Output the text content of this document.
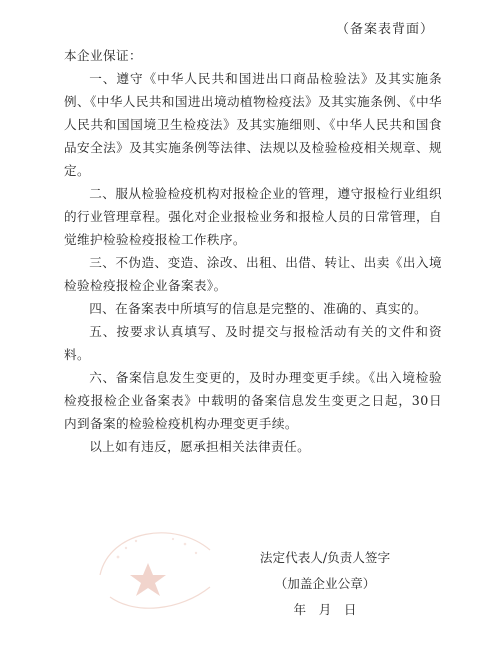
（备案表背面）

本企业保证：

一、遵守《中华人民共和国进出口商品检验法》及其实施条例、《中华人民共和国进出境动植物检疫法》及其实施条例、《中华人民共和国国境卫生检疫法》及其实施细则、《中华人民共和国食品安全法》及其实施条例等法律、法规以及检验检疫相关规章、规定。

二、服从检验检疫机构对报检企业的管理，遵守报检行业组织的行业管理章程。强化对企业报检业务和报检人员的日常管理，自觉维护检验检疫报检工作秩序。

三、不伪造、变造、涂改、出租、出借、转让、出卖《出入境检验检疫报检企业备案表》。

四、在备案表中所填写的信息是完整的、准确的、真实的。

五、按要求认真填写、及时提交与报检活动有关的文件和资料。

六、备案信息发生变更的，及时办理变更手续。《出入境检验检疫报检企业备案表》中载明的备案信息发生变更之日起，30日内到备案的检验检疫机构办理变更手续。

以上如有违反，愿承担相关法律责任。

法定代表人/负责人签字
（加盖企业公章）
年　月　日
